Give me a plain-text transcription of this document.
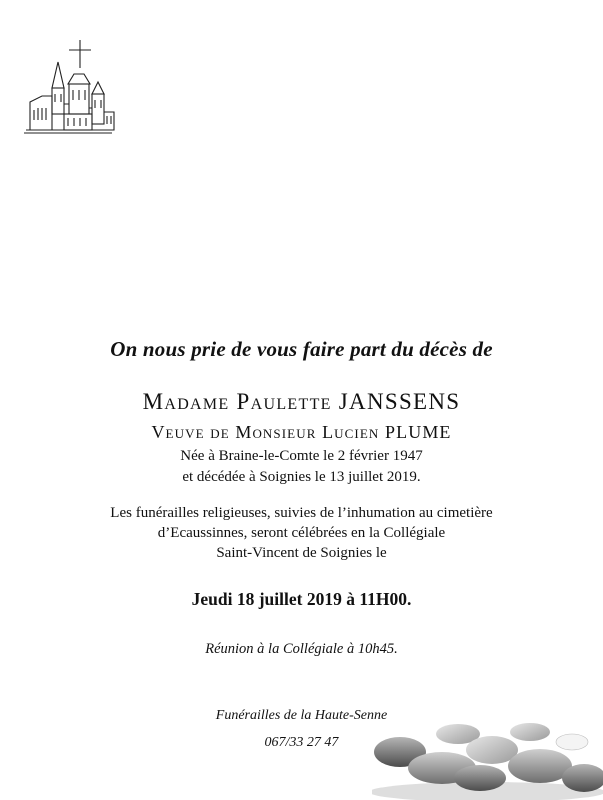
On nous prie de vous faire part du décès de
Madame Paulette JANSSENS
Veuve de Monsieur Lucien PLUME
Née à Braine-le-Comte le 2 février 1947
et décédée à Soignies le 13 juillet 2019.
Les funérailles religieuses, suivies de l’inhumation au cimetière
d’Ecaussinnes, seront célébrées en la Collégiale
Saint-Vincent de Soignies le
Jeudi 18 juillet 2019 à 11H00.
Réunion à la Collégiale à 10h45.
Funérailles de la Haute-Senne
067/33 27 47
